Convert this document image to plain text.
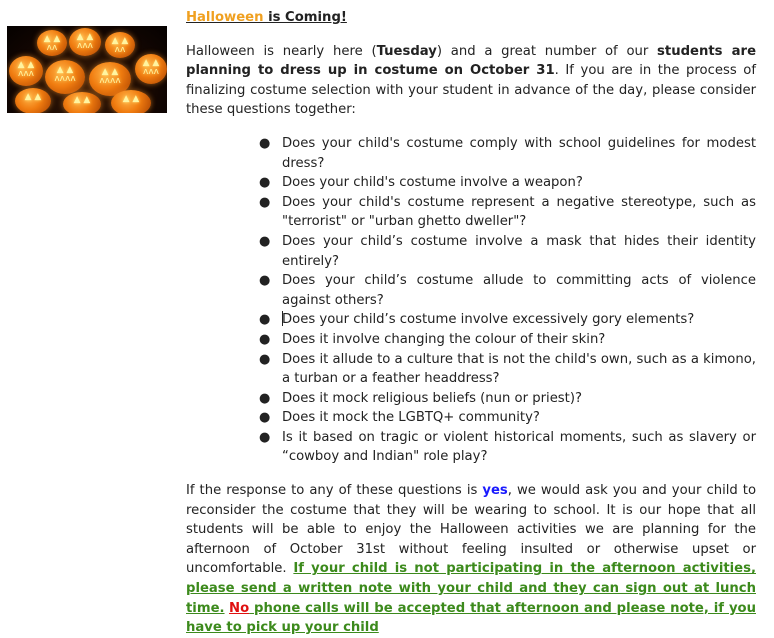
▲ ▲
ʌʌʌ
▲ ▲
ʌʌ
▲ ▲
ʌʌʌ
▲ ▲
ʌʌ
▲ ▲
ʌʌʌ
▲ ▲
ʌʌʌʌ
▲ ▲
ʌʌʌʌ
▲ ▲	▲ ▲	▲ ▲

Halloween is Coming!

Halloween is nearly here (Tuesday) and a great number of our students are planning to dress up in costume on October 31. If you are in the process of finalizing costume selection with your student in advance of the day, please consider these questions together:

● Does your child's costume comply with school guidelines for modest dress?
● Does your child's costume involve a weapon?
● Does your child's costume represent a negative stereotype, such as "terrorist" or "urban ghetto dweller"?
● Does your child’s costume involve a mask that hides their identity entirely?
● Does your child’s costume allude to committing acts of violence against others?
● Does your child’s costume involve excessively gory elements?
● Does it involve changing the colour of their skin?
● Does it allude to a culture that is not the child's own, such as a kimono, a turban or a feather headdress?
● Does it mock religious beliefs (nun or priest)?
● Does it mock the LGBTQ+ community?
● Is it based on tragic or violent historical moments, such as slavery or “cowboy and Indian" role play?

If the response to any of these questions is yes, we would ask you and your child to reconsider the costume that they will be wearing to school. It is our hope that all students will be able to enjoy the Halloween activities we are planning for the afternoon of October 31st without feeling insulted or otherwise upset or uncomfortable. If your child is not participating in the afternoon activities, please send a written note with your child and they can sign out at lunch time. No phone calls will be accepted that afternoon and please note, if you have to pick up your child
